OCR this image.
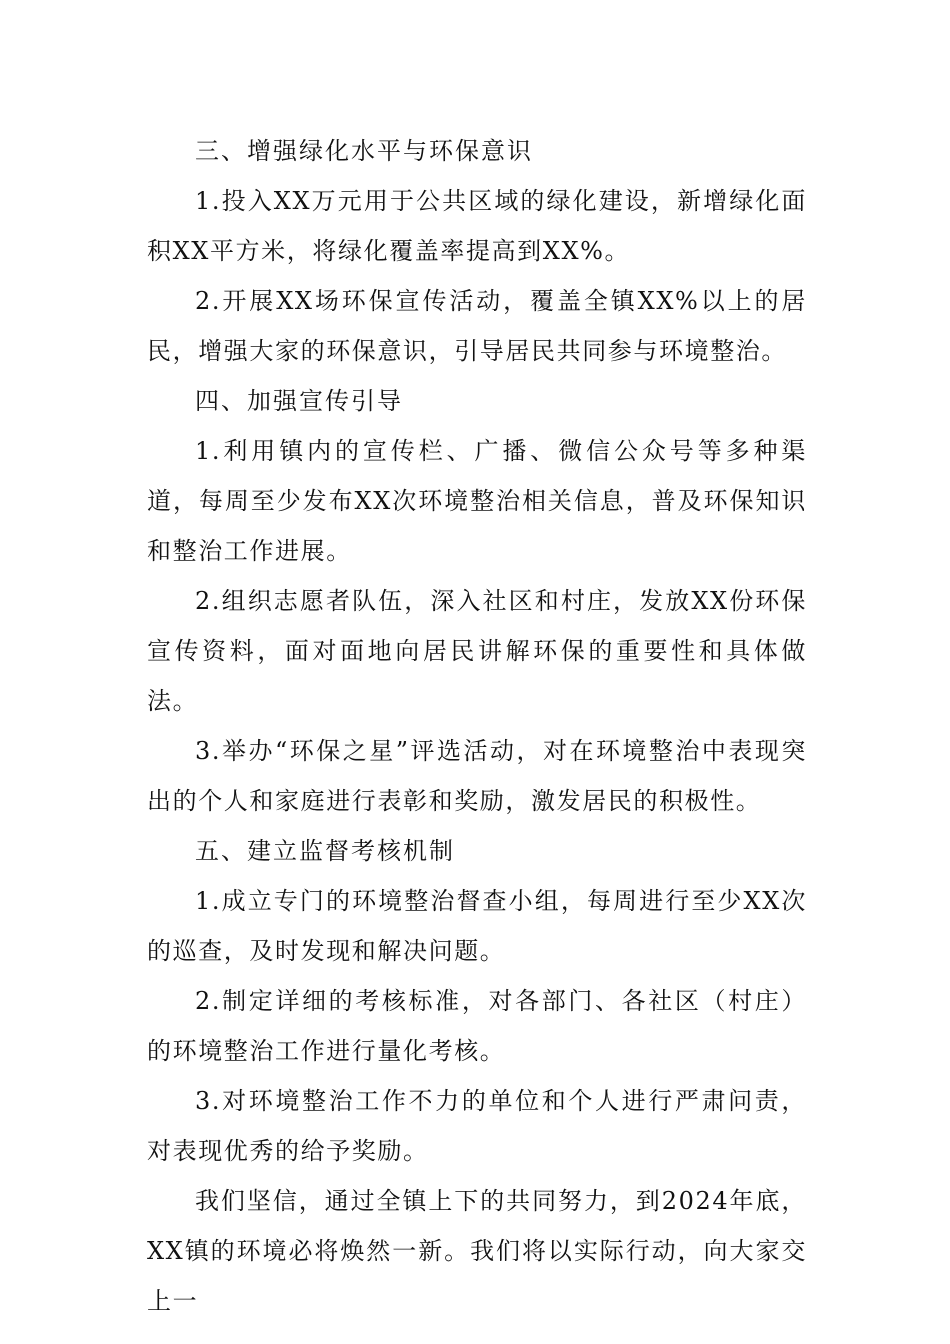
三、增强绿化水平与环保意识

1.投入XX万元用于公共区域的绿化建设，新增绿化面积XX平方米，将绿化覆盖率提高到XX%。

2.开展XX场环保宣传活动，覆盖全镇XX%以上的居民，增强大家的环保意识，引导居民共同参与环境整治。

四、加强宣传引导

1.利用镇内的宣传栏、广播、微信公众号等多种渠道，每周至少发布XX次环境整治相关信息，普及环保知识和整治工作进展。

2.组织志愿者队伍，深入社区和村庄，发放XX份环保宣传资料，面对面地向居民讲解环保的重要性和具体做法。

3.举办“环保之星”评选活动，对在环境整治中表现突出的个人和家庭进行表彰和奖励，激发居民的积极性。

五、建立监督考核机制

1.成立专门的环境整治督查小组，每周进行至少XX次的巡查，及时发现和解决问题。

2.制定详细的考核标准，对各部门、各社区（村庄）的环境整治工作进行量化考核。

3.对环境整治工作不力的单位和个人进行严肃问责，对表现优秀的给予奖励。

我们坚信，通过全镇上下的共同努力，到2024年底，XX镇的环境必将焕然一新。我们将以实际行动，向大家交上一
